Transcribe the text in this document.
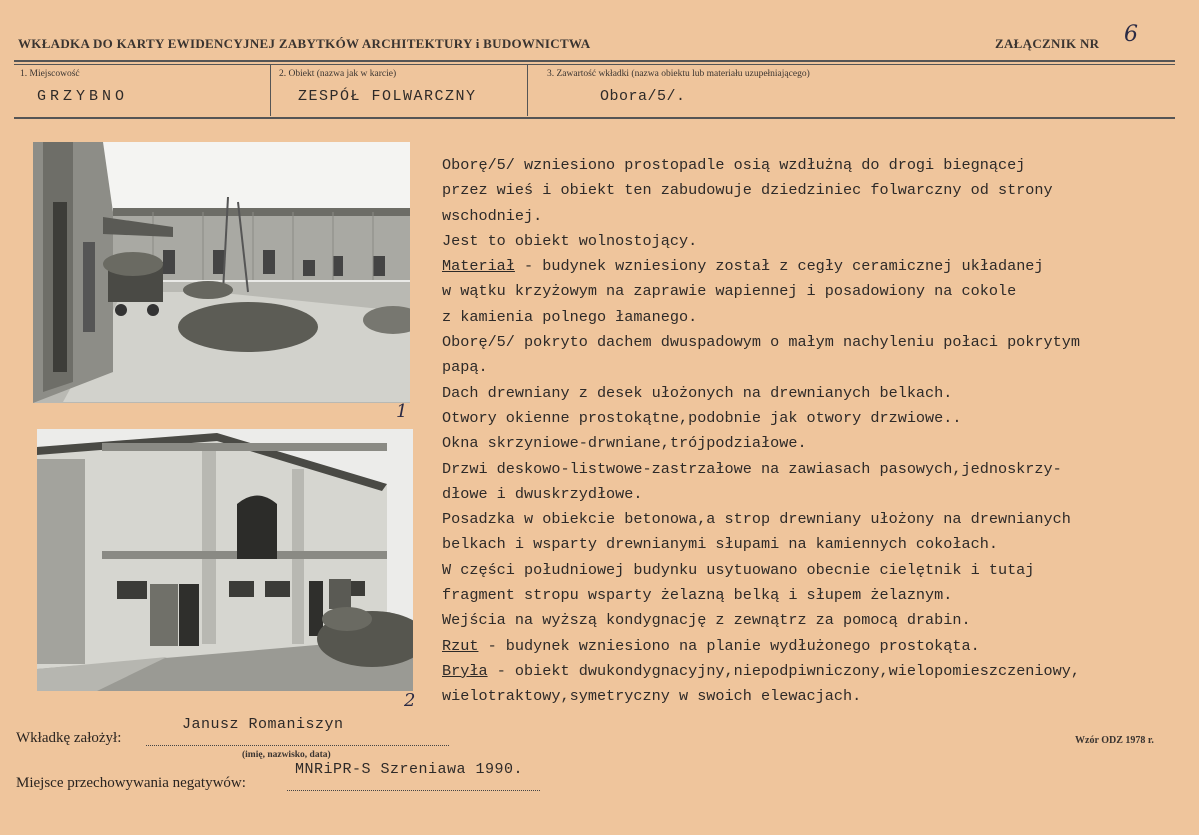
WKŁADKA DO KARTY EWIDENCYJNEJ ZABYTKÓW ARCHITEKTURY i BUDOWNICTWA	ZAŁĄCZNIK NR 6
1. Miejscowość
GRZYBNO
2. Obiekt (nazwa jak w karcie)
ZESPÓŁ FOLWARCZNY
3. Zawartość wkładki (nazwa obiektu lub materiału uzupełniającego)
Obora/5/.
1
2
Oborę/5/ wzniesiono prostopadle osią wzdłużną do drogi biegnącej
przez wieś i obiekt ten zabudowuje dziedziniec folwarczny od strony
wschodniej.
Jest to obiekt wolnostojący.
Materiał - budynek wzniesiony został z cegły ceramicznej układanej
w wątku krzyżowym na zaprawie wapiennej i posadowiony na cokole
z kamienia polnego łamanego.
Oborę/5/ pokryto dachem dwuspadowym o małym nachyleniu połaci pokrytym
papą.
Dach drewniany z desek ułożonych na drewnianych belkach.
Otwory okienne prostokątne,podobnie jak otwory drzwiowe..
Okna skrzyniowe-drwniane,trójpodziałowe.
Drzwi deskowo-listwowe-zastrzałowe na zawiasach pasowych,jednoskrzy-
dłowe i dwuskrzydłowe.
Posadzka w obiekcie betonowa,a strop drewniany ułożony na drewnianych
belkach i wsparty drewnianymi słupami na kamiennych cokołach.
W części południowej budynku usytuowano obecnie cielętnik i tutaj
fragment stropu wsparty żelazną belką i słupem żelaznym.
Wejścia na wyższą kondygnację z zewnątrz za pomocą drabin.
Rzut - budynek wzniesiono na planie wydłużonego prostokąta.
Bryła - obiekt dwukondygnacyjny,niepodpiwniczony,wielopomieszczeniowy,
wielotraktowy,symetryczny w swoich elewacjach.
Janusz Romaniszyn
Wkładkę założył:
(imię, nazwisko, data)
MNRiPR-S Szreniawa 1990.
Miejsce przechowywania negatywów:
Wzór ODZ 1978 r.
